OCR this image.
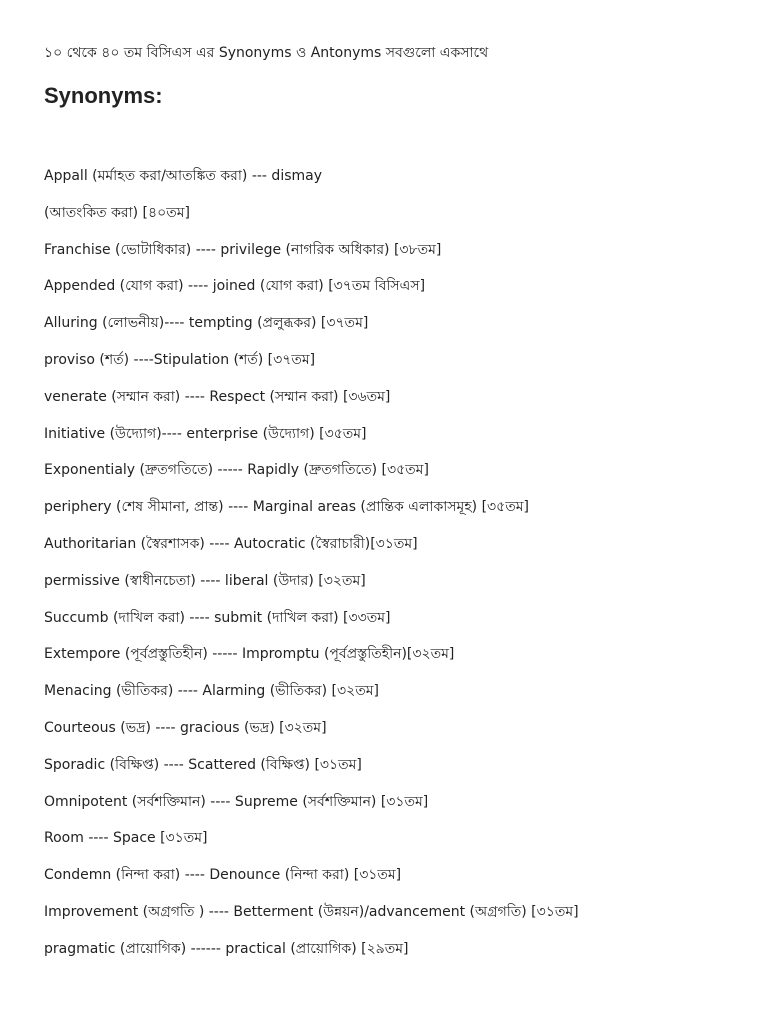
১০ থেকে ৪০ তম বিসিএস এর Synonyms ও Antonyms সবগুলো একসাথে
Synonyms:
Appall (মর্মাহত করা/আতঙ্কিত করা) --- dismay
(আতংকিত করা) [৪০তম]
Franchise (ভোটাধিকার) ---- privilege (নাগরিক অধিকার) [৩৮তম]
Appended (যোগ করা) ---- joined (যোগ করা) [৩৭তম বিসিএস]
Alluring (লোভনীয়)---- tempting (প্রলুব্ধকর) [৩৭তম]
proviso (শর্ত) ----Stipulation (শর্ত) [৩৭তম]
venerate (সম্মান করা) ---- Respect (সম্মান করা) [৩৬তম]
Initiative (উদ্যোগ)---- enterprise (উদ্যোগ) [৩৫তম]
Exponentialy (দ্রুতগতিতে) ----- Rapidly (দ্রুতগতিতে) [৩৫তম]
periphery (শেষ সীমানা, প্রান্ত) ---- Marginal areas (প্রান্তিক এলাকাসমূহ) [৩৫তম]
Authoritarian (স্বৈরশাসক) ---- Autocratic (স্বৈরাচারী)[৩১তম]
permissive (স্বাধীনচেতা) ---- liberal (উদার) [৩২তম]
Succumb (দাখিল করা) ---- submit (দাখিল করা) [৩৩তম]
Extempore (পূর্বপ্রস্তুতিহীন) ----- Impromptu (পূর্বপ্রস্তুতিহীন)[৩২তম]
Menacing (ভীতিকর) ---- Alarming (ভীতিকর) [৩২তম]
Courteous (ভদ্র) ---- gracious (ভদ্র) [৩২তম]
Sporadic (বিক্ষিপ্ত) ---- Scattered (বিক্ষিপ্ত) [৩১তম]
Omnipotent (সর্বশক্তিমান) ---- Supreme (সর্বশক্তিমান) [৩১তম]
Room ---- Space [৩১তম]
Condemn (নিন্দা করা) ---- Denounce (নিন্দা করা) [৩১তম]
Improvement (অগ্রগতি ) ---- Betterment (উন্নয়ন)/advancement (অগ্রগতি) [৩১তম]
pragmatic (প্রায়োগিক) ------ practical (প্রায়োগিক) [২৯তম]
